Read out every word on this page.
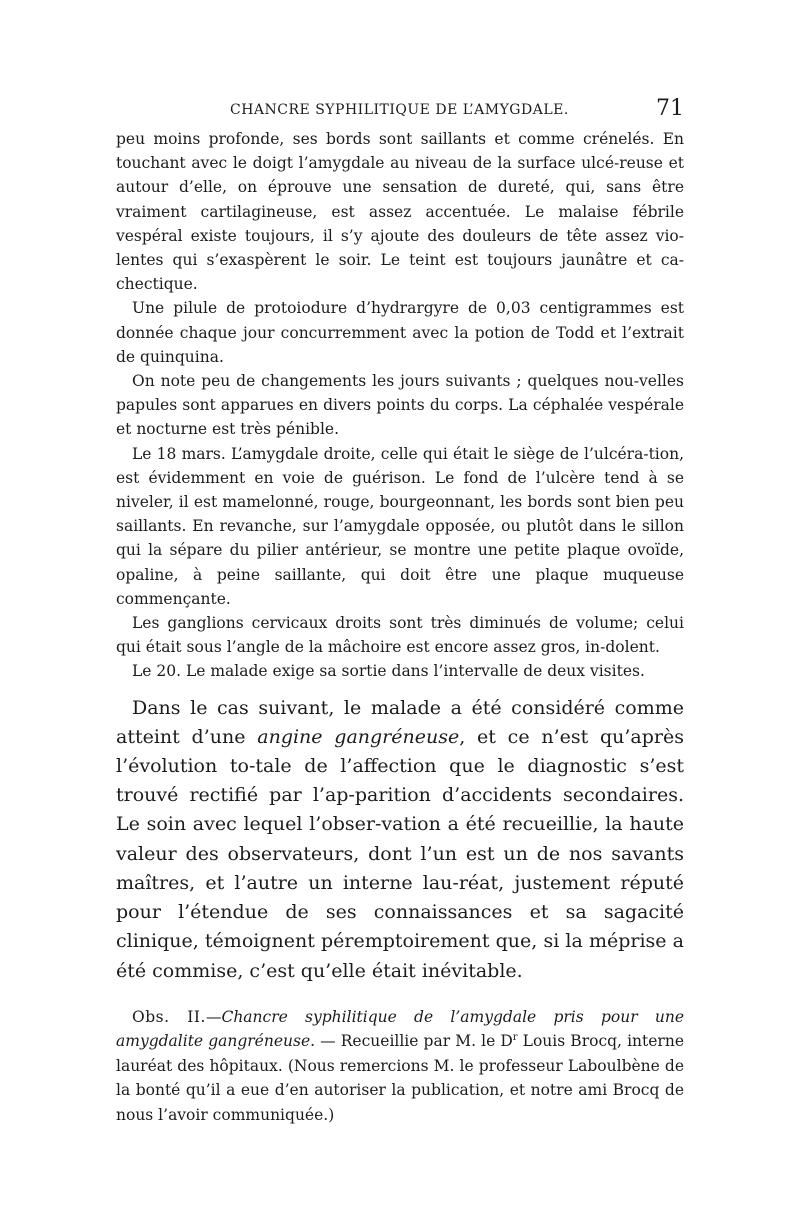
CHANCRE SYPHILITIQUE DE L’AMYGDALE.	71

peu moins profonde, ses bords sont saillants et comme crénelés. En touchant avec le doigt l’amygdale au niveau de la surface ulcé-reuse et autour d’elle, on éprouve une sensation de dureté, qui, sans être vraiment cartilagineuse, est assez accentuée. Le malaise fébrile vespéral existe toujours, il s’y ajoute des douleurs de tête assez vio-lentes qui s’exaspèrent le soir. Le teint est toujours jaunâtre et ca-chectique.

Une pilule de protoiodure d’hydrargyre de 0,03 centigrammes est donnée chaque jour concurremment avec la potion de Todd et l’extrait de quinquina.

On note peu de changements les jours suivants ; quelques nou-velles papules sont apparues en divers points du corps. La céphalée vespérale et nocturne est très pénible.

Le 18 mars. L’amygdale droite, celle qui était le siège de l’ulcéra-tion, est évidemment en voie de guérison. Le fond de l’ulcère tend à se niveler, il est mamelonné, rouge, bourgeonnant, les bords sont bien peu saillants. En revanche, sur l’amygdale opposée, ou plutôt dans le sillon qui la sépare du pilier antérieur, se montre une petite plaque ovoïde, opaline, à peine saillante, qui doit être une plaque muqueuse commençante.

Les ganglions cervicaux droits sont très diminués de volume; celui qui était sous l’angle de la mâchoire est encore assez gros, in-dolent.

Le 20. Le malade exige sa sortie dans l’intervalle de deux visites.

Dans le cas suivant, le malade a été considéré comme atteint d’une angine gangréneuse, et ce n’est qu’après l’évolution to-tale de l’affection que le diagnostic s’est trouvé rectifié par l’ap-parition d’accidents secondaires. Le soin avec lequel l’obser-vation a été recueillie, la haute valeur des observateurs, dont l’un est un de nos savants maîtres, et l’autre un interne lau-réat, justement réputé pour l’étendue de ses connaissances et sa sagacité clinique, témoignent péremptoirement que, si la méprise a été commise, c’est qu’elle était inévitable.

Obs. II.—Chancre syphilitique de l’amygdale pris pour une amygdalite gangréneuse. — Recueillie par M. le $D^r$ Louis Brocq, interne lauréat des hôpitaux. (Nous remercions M. le professeur Laboulbène de la bonté qu’il a eue d’en autoriser la publication, et notre ami Brocq de nous l’avoir communiquée.)
